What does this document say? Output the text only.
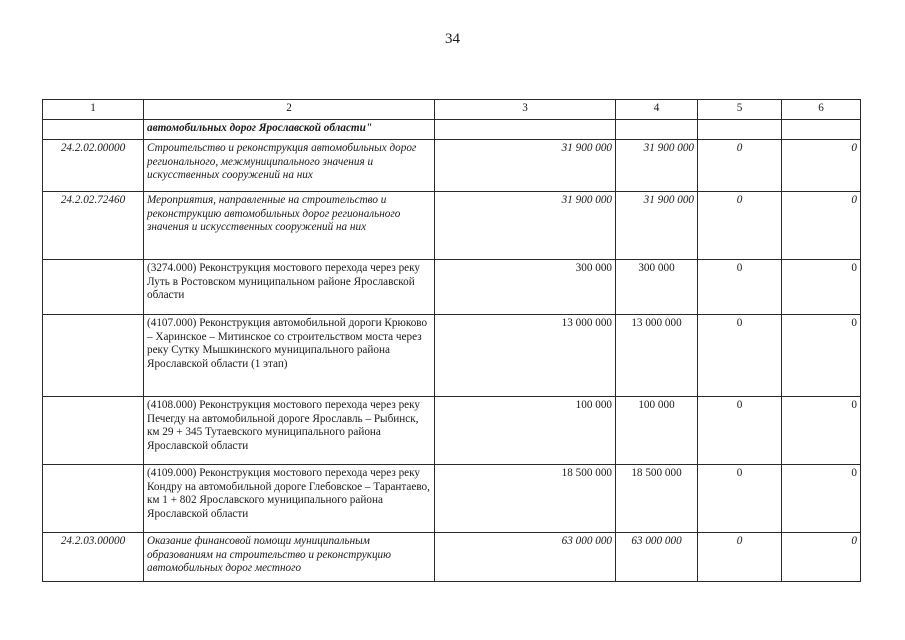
34
1	2	3	4	5	6
	автомобильных дорог Ярославской области"				
24.2.02.00000	Строительство и реконструкция автомобильных дорог регионального, межмуниципального значения и искусственных сооружений на них	31 900 000	31 900 000	0	0
24.2.02.72460	Мероприятия, направленные на строительство и реконструкцию автомобильных дорог регионального значения и искусственных сооружений на них	31 900 000	31 900 000	0	0
	(3274.000) Реконструкция мостового перехода через реку Луть в Ростовском муниципальном районе Ярославской области	300 000	300 000	0	0
	(4107.000) Реконструкция автомобильной дороги Крюково – Харинское – Митинское со строительством моста через реку Сутку Мышкинского муниципального района Ярославской области (1 этап)	13 000 000	13 000 000	0	0
	(4108.000) Реконструкция мостового перехода через реку Печегду на автомобильной дороге Ярославль – Рыбинск, км 29 + 345 Тутаевского муниципального района Ярославской области	100 000	100 000	0	0
	(4109.000) Реконструкция мостового перехода через реку Кондру на автомобильной дороге Глебовское – Тарантаево, км 1 + 802 Ярославского муниципального района Ярославской области	18 500 000	18 500 000	0	0
24.2.03.00000	Оказание финансовой помощи муниципальным образованиям на строительство и реконструкцию автомобильных дорог местного	63 000 000	63 000 000	0	0
